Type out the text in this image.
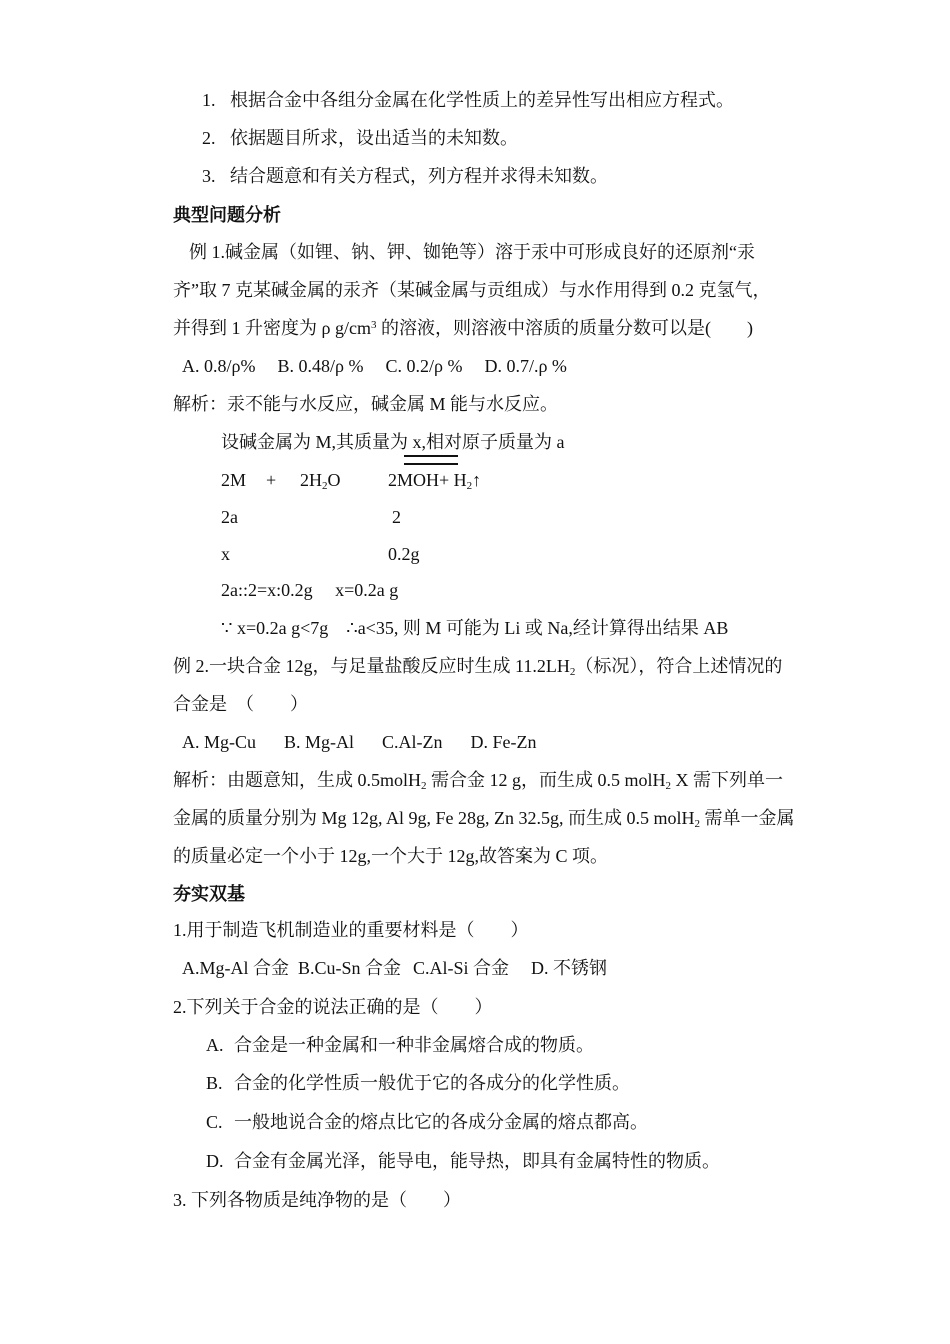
1. 根据合金中各组分金属在化学性质上的差异性写出相应方程式。
2. 依据题目所求，设出适当的未知数。
3. 结合题意和有关方程式，列方程并求得未知数。
典型问题分析
例 1.碱金属（如锂、钠、钾、铷铯等）溶于汞中可形成良好的还原剂“汞
齐”取 7 克某碱金属的汞齐（某碱金属与贡组成）与水作用得到 0.2 克氢气，
并得到 1 升密度为 ρ $g/cm^3$ 的溶液，则溶液中溶质的质量分数可以是(　　)
A. 0.8/ρ% B. 0.48/ρ % C. 0.2/ρ % D. 0.7/.ρ %
解析：汞不能与水反应，碱金属 M 能与水反应。
设碱金属为 M,其质量为 x,相对原子质量为 a
$2M + 2H_2O$	$2MOH+ H_2↑$
2a	2
x	0.2g
2a::2=x:0.2g　 x=0.2a g
∵ x=0.2a g<7g　∴a<35, 则 M 可能为 Li 或 Na,经计算得出结果 AB
例 2.一块合金 12g，与足量盐酸反应时生成 $11.2LH_2$（标况），符合上述情况的
合金是　（　　）
A. Mg-Cu B. Mg-Al C.Al-Zn D. Fe-Zn
解析：由题意知，生成 0.5molH$_2$ 需合金 12 g，而生成 0.5 molH$_2$ X 需下列单一
金属的质量分别为 Mg 12g, Al 9g, Fe 28g, Zn 32.5g, 而生成 0.5 molH$_2$ 需单一金属
的质量必定一个小于 12g,一个大于 12g,故答案为 C 项。
夯实双基
1.用于制造飞机制造业的重要材料是（　　）
A.Mg-Al 合金 B.Cu-Sn 合金 C.Al-Si 合金 D. 不锈钢
2.下列关于合金的说法正确的是（　　）
A. 合金是一种金属和一种非金属熔合成的物质。
B. 合金的化学性质一般优于它的各成分的化学性质。
C. 一般地说合金的熔点比它的各成分金属的熔点都高。
D. 合金有金属光泽，能导电，能导热，即具有金属特性的物质。
3. 下列各物质是纯净物的是（　　）
